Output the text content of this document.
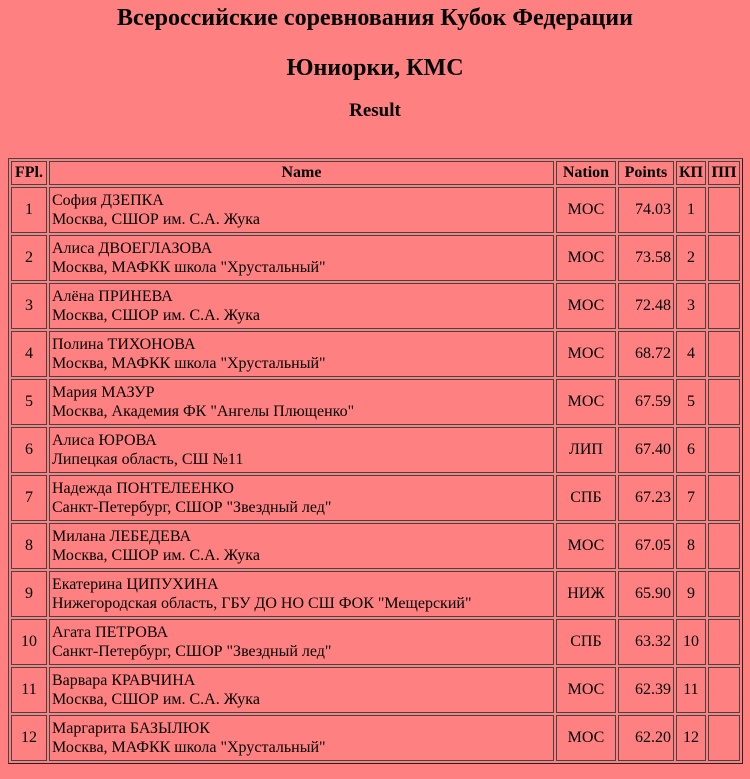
Всероссийские соревнования Кубок Федерации
Юниорки, КМС
Result
FPl.	Name	Nation	Points	КП	ПП
1	София ДЗЕПКА
Москва, СШОР им. С.А. Жука	МОС	74.03	1	
2	Алиса ДВОЕГЛАЗОВА
Москва, МАФКК школа "Хрустальный"	МОС	73.58	2	
3	Алёна ПРИНЕВА
Москва, СШОР им. С.А. Жука	МОС	72.48	3	
4	Полина ТИХОНОВА
Москва, МАФКК школа "Хрустальный"	МОС	68.72	4	
5	Мария МАЗУР
Москва, Академия ФК "Ангелы Плющенко"	МОС	67.59	5	
6	Алиса ЮРОВА
Липецкая область, СШ №11	ЛИП	67.40	6	
7	Надежда ПОНТЕЛЕЕНКО
Санкт-Петербург, СШОР "Звездный лед"	СПБ	67.23	7	
8	Милана ЛЕБЕДЕВА
Москва, СШОР им. С.А. Жука	МОС	67.05	8	
9	Екатерина ЦИПУХИНА
Нижегородская область, ГБУ ДО НО СШ ФОК "Мещерский"	НИЖ	65.90	9	
10	Агата ПЕТРОВА
Санкт-Петербург, СШОР "Звездный лед"	СПБ	63.32	10	
11	Варвара КРАВЧИНА
Москва, СШОР им. С.А. Жука	МОС	62.39	11	
12	Маргарита БАЗЫЛЮК
Москва, МАФКК школа "Хрустальный"	МОС	62.20	12	
